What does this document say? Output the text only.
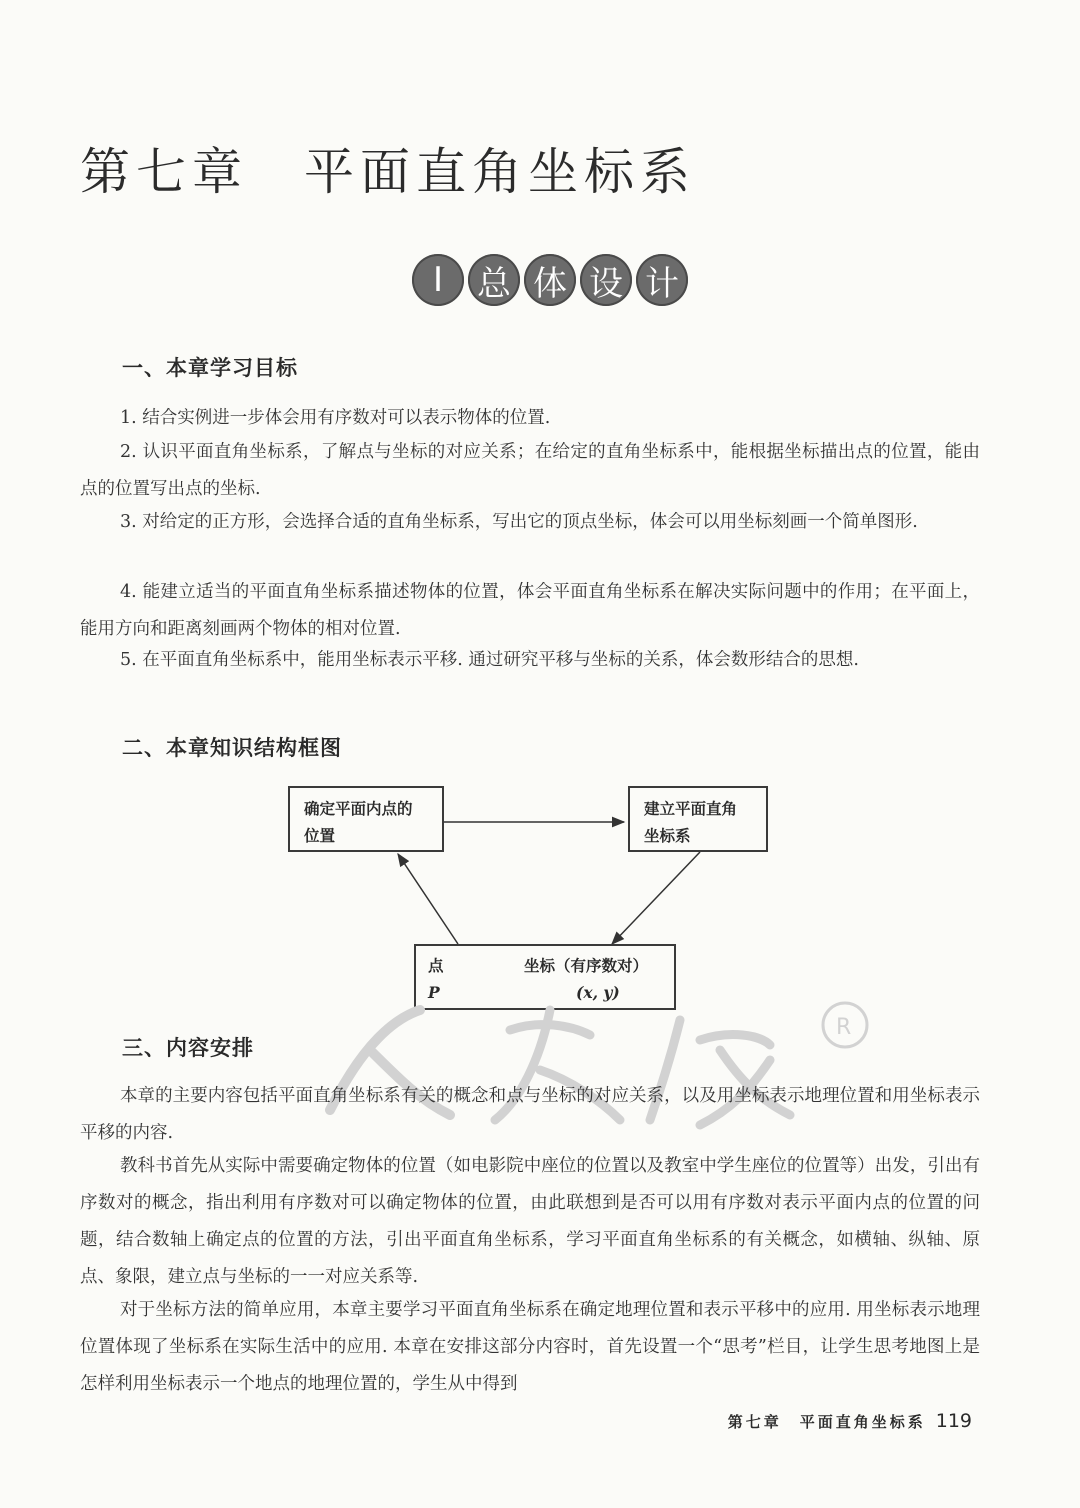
第七章　平面直角坐标系
Ⅰ 总 体 设 计
一、本章学习目标
1. 结合实例进一步体会用有序数对可以表示物体的位置.
2. 认识平面直角坐标系，了解点与坐标的对应关系；在给定的直角坐标系中，能根据坐标描出点的位置，能由点的位置写出点的坐标.
3. 对给定的正方形，会选择合适的直角坐标系，写出它的顶点坐标，体会可以用坐标刻画一个简单图形.
4. 能建立适当的平面直角坐标系描述物体的位置，体会平面直角坐标系在解决实际问题中的作用；在平面上，能用方向和距离刻画两个物体的相对位置.
5. 在平面直角坐标系中，能用坐标表示平移. 通过研究平移与坐标的关系，体会数形结合的思想.
二、本章知识结构框图
确定平面内点的
位置
建立平面直角
坐标系
点	坐标（有序数对）
P	(x, y)
R
三、内容安排
本章的主要内容包括平面直角坐标系有关的概念和点与坐标的对应关系，以及用坐标表示地理位置和用坐标表示平移的内容.
教科书首先从实际中需要确定物体的位置（如电影院中座位的位置以及教室中学生座位的位置等）出发，引出有序数对的概念，指出利用有序数对可以确定物体的位置，由此联想到是否可以用有序数对表示平面内点的位置的问题，结合数轴上确定点的位置的方法，引出平面直角坐标系，学习平面直角坐标系的有关概念，如横轴、纵轴、原点、象限，建立点与坐标的一一对应关系等.
对于坐标方法的简单应用，本章主要学习平面直角坐标系在确定地理位置和表示平移中的应用. 用坐标表示地理位置体现了坐标系在实际生活中的应用. 本章在安排这部分内容时，首先设置一个“思考”栏目，让学生思考地图上是怎样利用坐标表示一个地点的地理位置的，学生从中得到
第七章　平面直角坐标系 119
